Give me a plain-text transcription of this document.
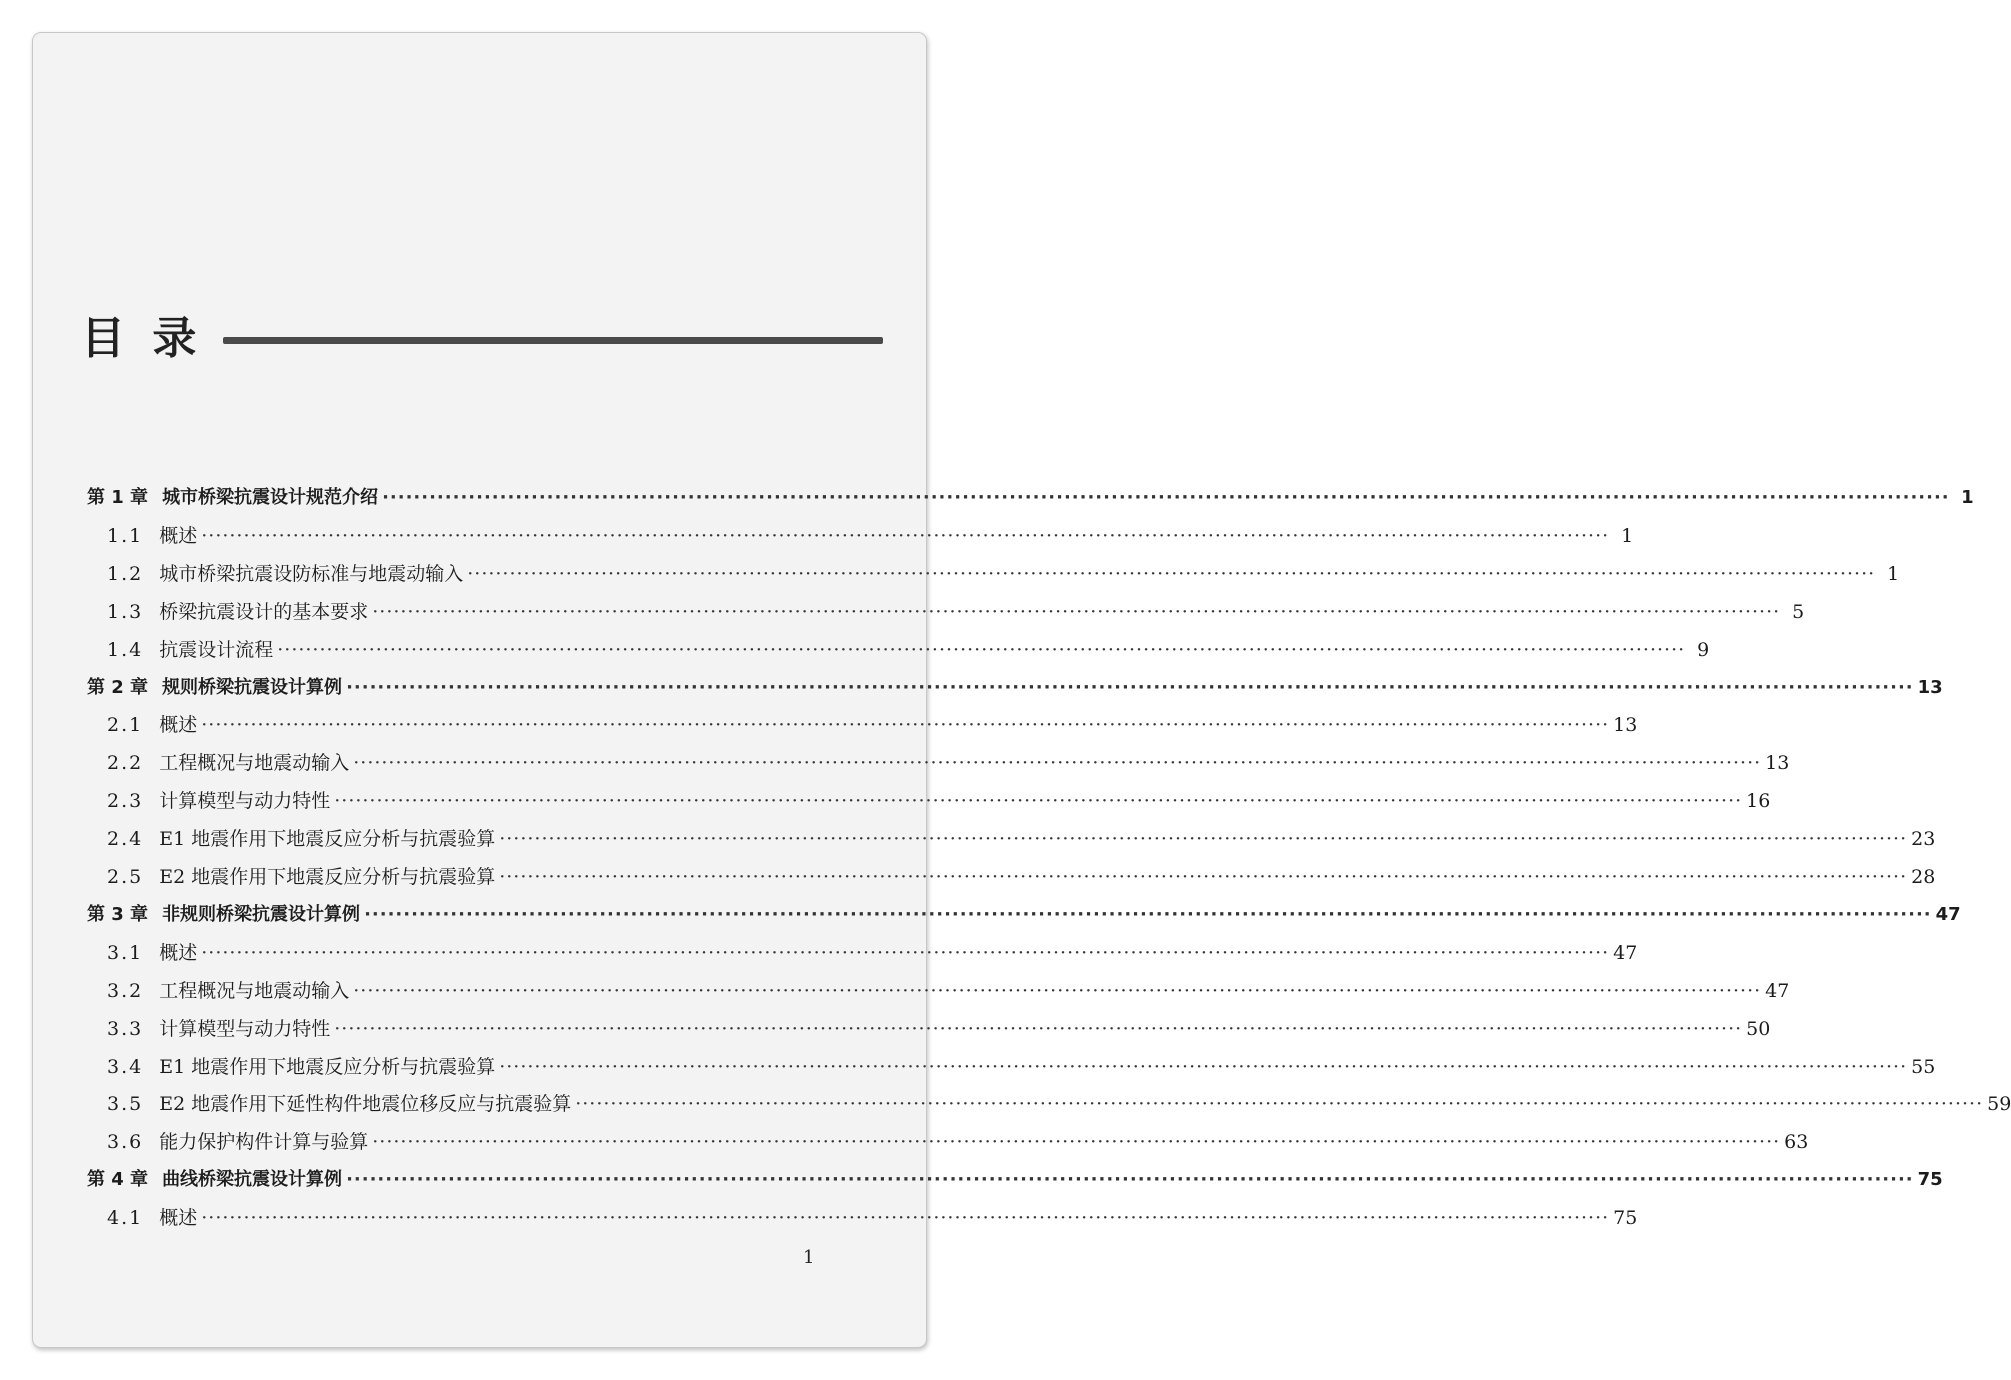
目 录
第 1 章 城市桥梁抗震设计规范介绍 ········································································································································································································ 1
1.1 概述 ········································································································································································································ 1
1.2 城市桥梁抗震设防标准与地震动输入 ········································································································································································································ 1
1.3 桥梁抗震设计的基本要求 ········································································································································································································ 5
1.4 抗震设计流程 ········································································································································································································ 9
第 2 章 规则桥梁抗震设计算例 ········································································································································································································ 13
2.1 概述 ········································································································································································································ 13
2.2 工程概况与地震动输入 ········································································································································································································ 13
2.3 计算模型与动力特性 ········································································································································································································ 16
2.4 E1 地震作用下地震反应分析与抗震验算 ········································································································································································································ 23
2.5 E2 地震作用下地震反应分析与抗震验算 ········································································································································································································ 28
第 3 章 非规则桥梁抗震设计算例 ········································································································································································································ 47
3.1 概述 ········································································································································································································ 47
3.2 工程概况与地震动输入 ········································································································································································································ 47
3.3 计算模型与动力特性 ········································································································································································································ 50
3.4 E1 地震作用下地震反应分析与抗震验算 ········································································································································································································ 55
3.5 E2 地震作用下延性构件地震位移反应与抗震验算 ········································································································································································································ 59
3.6 能力保护构件计算与验算 ········································································································································································································ 63
第 4 章 曲线桥梁抗震设计算例 ········································································································································································································ 75
4.1 概述 ········································································································································································································ 75
1
